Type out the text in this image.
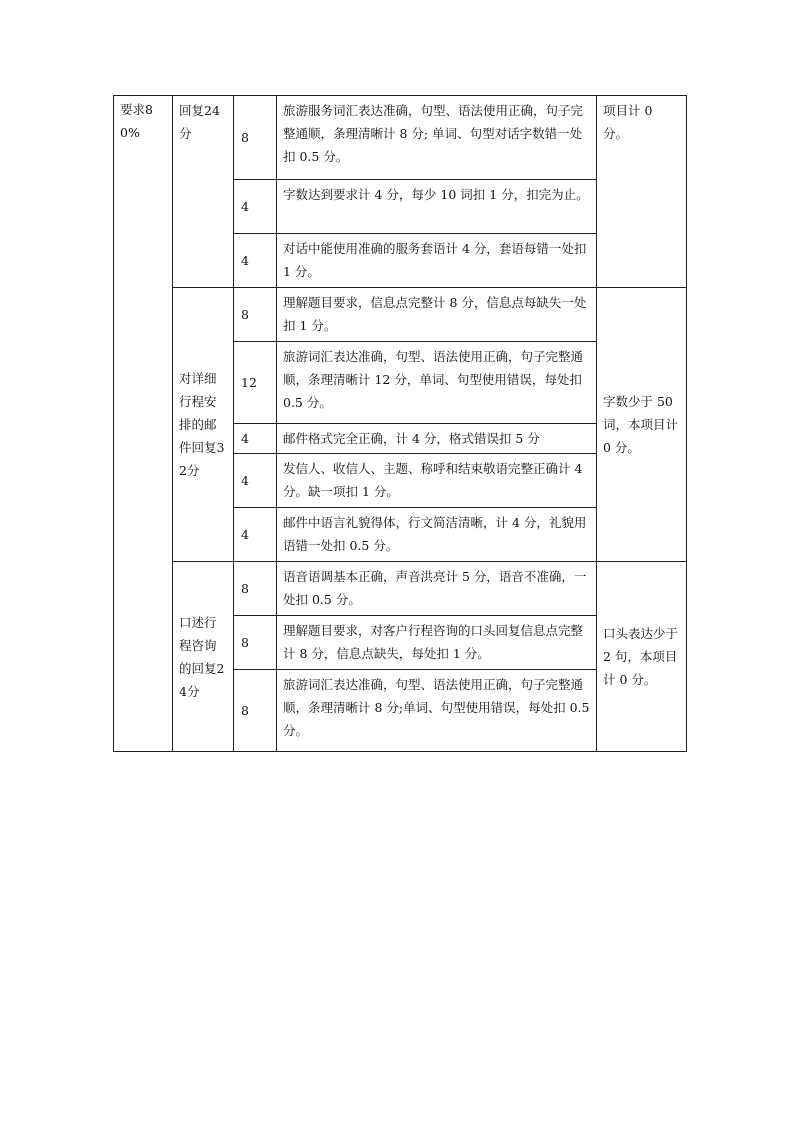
要求80%	回复24分	8	旅游服务词汇表达准确，句型、语法使用正确，句子完整通顺，条理清晰计 8 分; 单词、句型对话字数错一处扣 0.5 分。	项目计 0 分。
		4	字数达到要求计 4 分，每少 10 词扣 1 分，扣完为止。	
		4	对话中能使用准确的服务套语计 4 分，套语每错一处扣 1 分。	
	对详细行程安排的邮件回复32分	8	理解题目要求，信息点完整计 8 分，信息点每缺失一处扣 1 分。	字数少于 50 词，本项目计 0 分。
		12	旅游词汇表达准确，句型、语法使用正确，句子完整通顺，条理清晰计 12 分，单词、句型使用错误，每处扣 0.5 分。	
		4	邮件格式完全正确，计 4 分，格式错误扣 5 分	
		4	发信人、收信人、主题、称呼和结束敬语完整正确计 4 分。缺一项扣 1 分。	
		4	邮件中语言礼貌得体，行文简洁清晰，计 4 分，礼貌用语错一处扣 0.5 分。	
	口述行程咨询的回复24分	8	语音语调基本正确，声音洪亮计 5 分，语音不准确，一处扣 0.5 分。	口头表达少于 2 句，本项目计 0 分。
		8	理解题目要求，对客户行程咨询的口头回复信息点完整计 8 分，信息点缺失，每处扣 1 分。	
		8	旅游词汇表达准确，句型、语法使用正确，句子完整通顺，条理清晰计 8 分;单词、句型使用错误，每处扣 0.5 分。	
